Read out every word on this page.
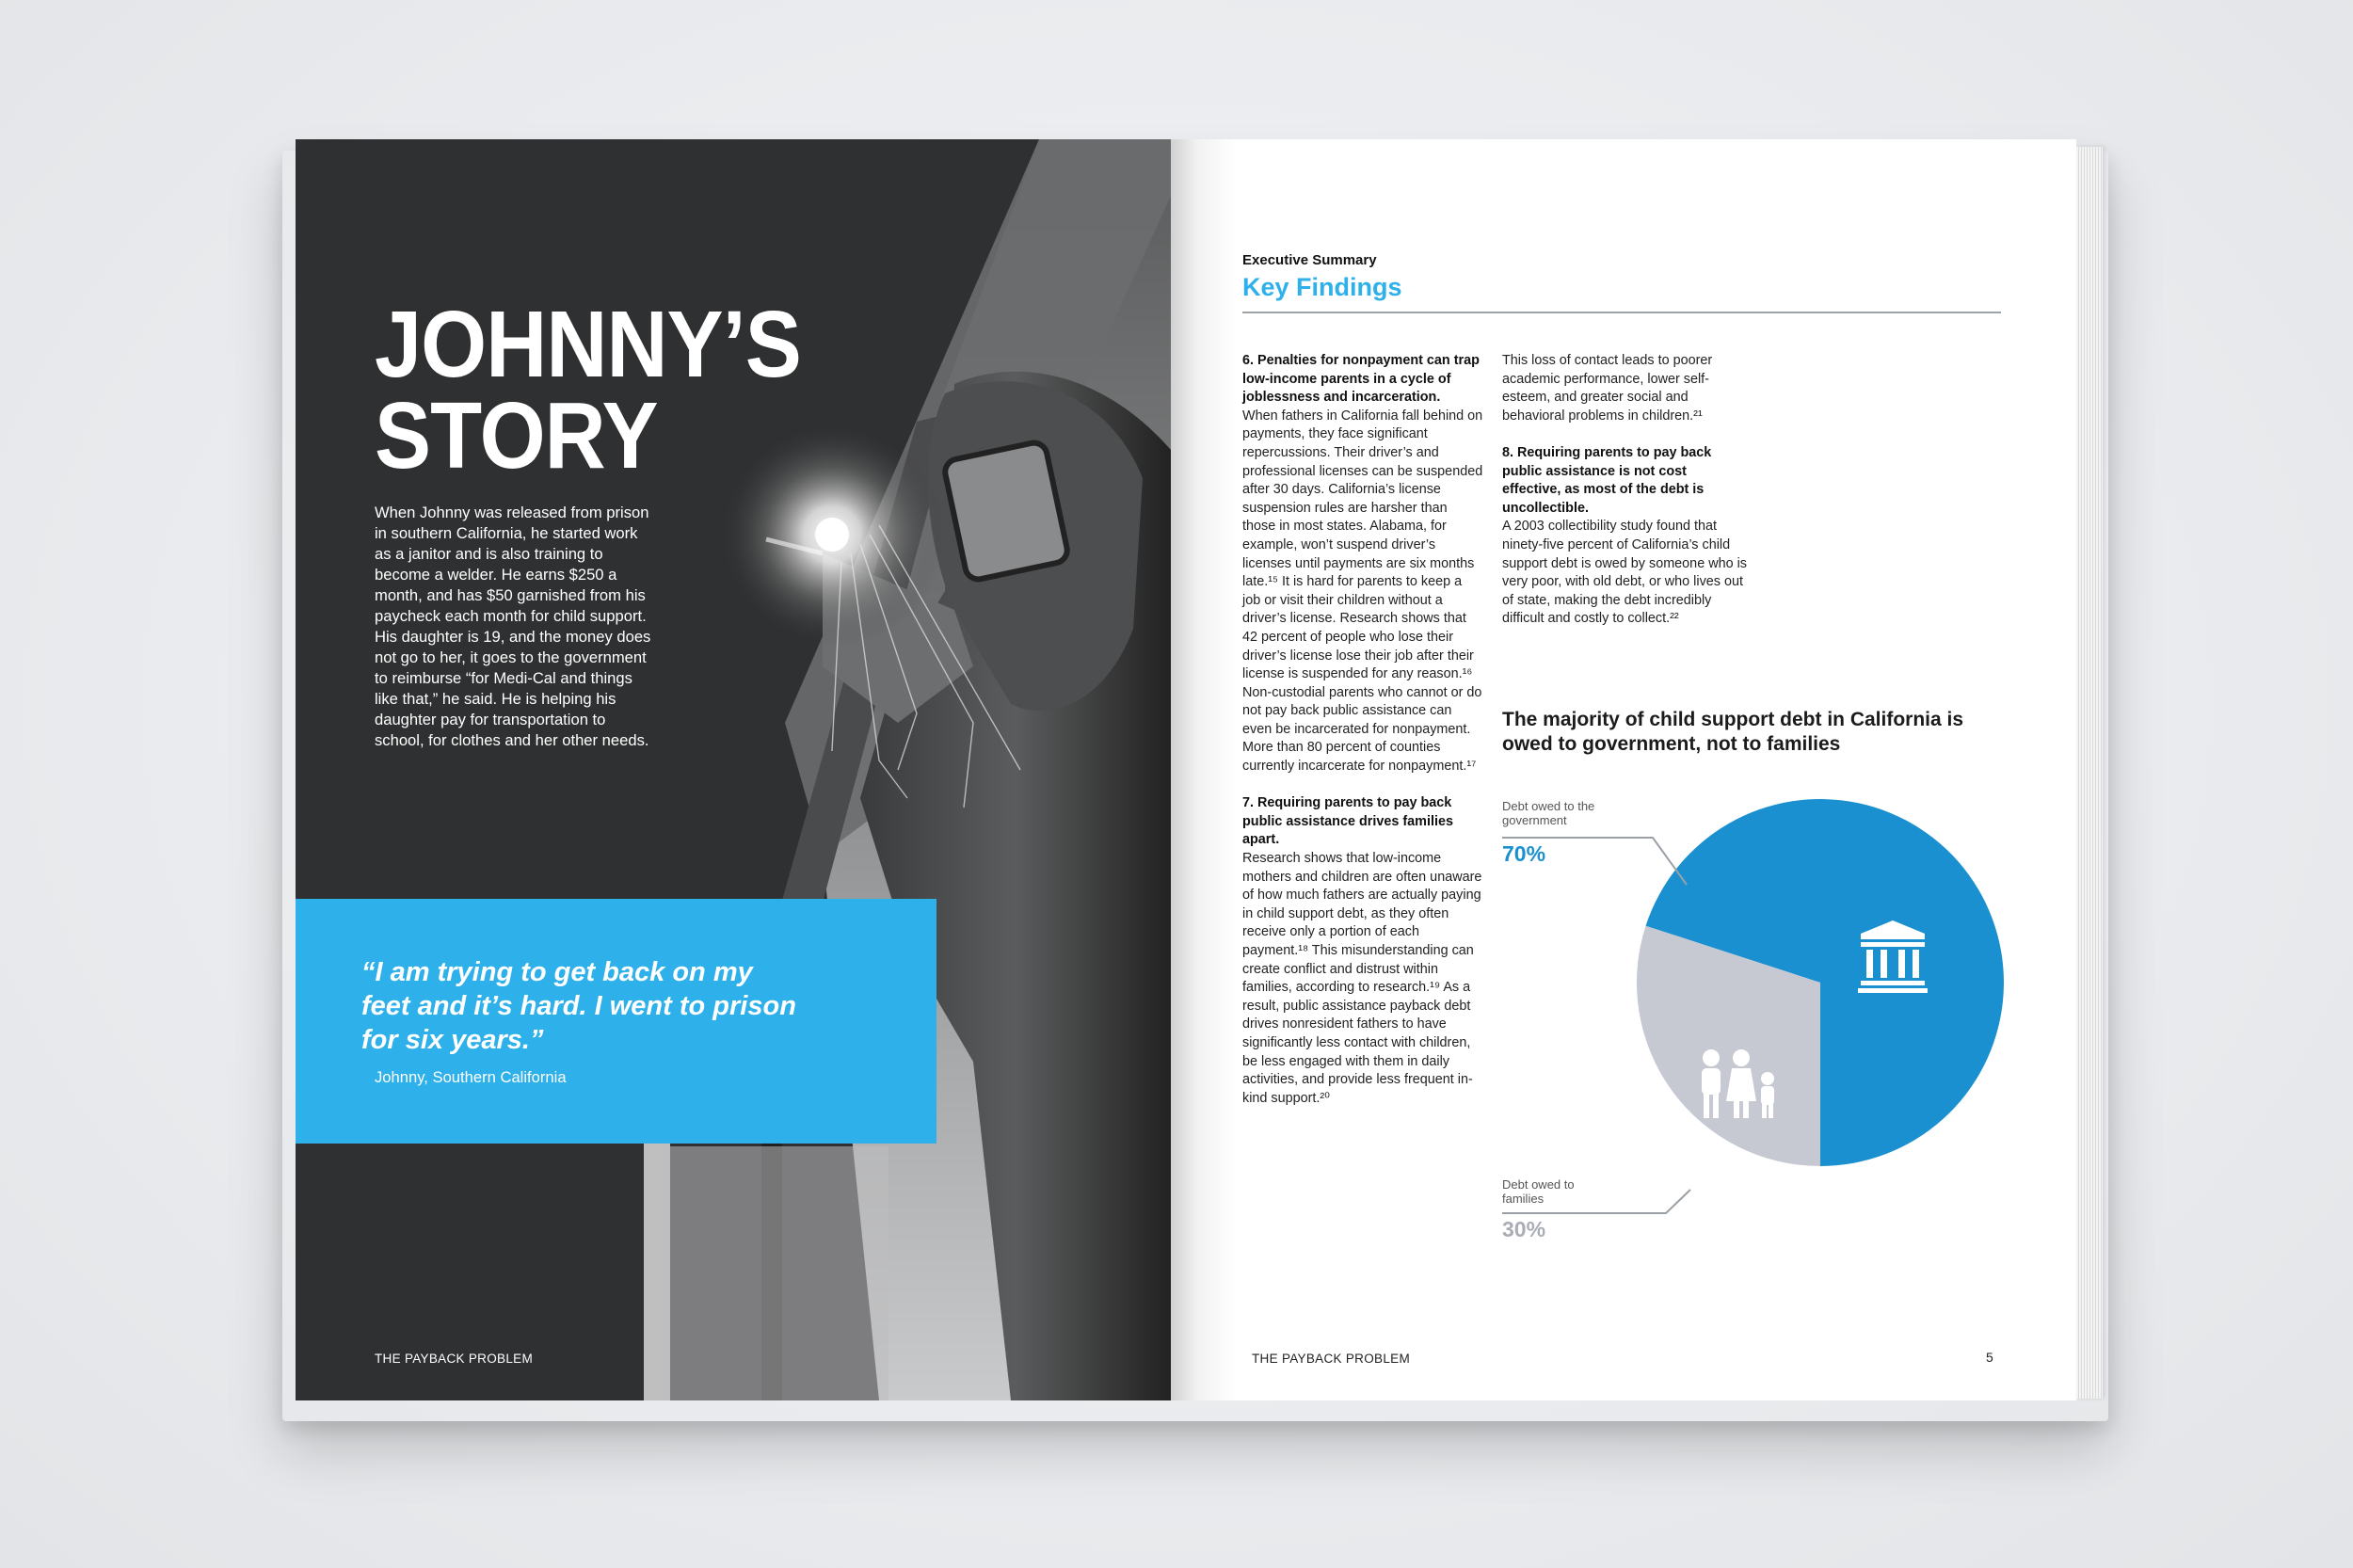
JOHNNY’S
STORY

When Johnny was released from prison in southern California, he started work as a janitor and is also training to become a welder. He earns $250 a month, and has $50 garnished from his paycheck each month for child support. His daughter is 19, and the money does not go to her, it goes to the government to reimburse “for Medi-Cal and things like that,” he said. He is helping his daughter pay for transportation to school, for clothes and her other needs.

“I am trying to get back on my feet and it’s hard. I went to prison for six years.”

Johnny, Southern California

THE PAYBACK PROBLEM

Executive Summary

Key Findings

6. Penalties for nonpayment can trap low-income parents in a cycle of joblessness and incarceration.

When fathers in California fall behind on payments, they face significant repercussions. Their driver’s and professional licenses can be suspended after 30 days. California’s license suspension rules are harsher than those in most states. Alabama, for example, won’t suspend driver’s licenses until payments are six months late.¹⁵ It is hard for parents to keep a job or visit their children without a driver’s license. Research shows that 42 percent of people who lose their driver’s license lose their job after their license is suspended for any reason.¹⁶ Non-custodial parents who cannot or do not pay back public assistance can even be incarcerated for nonpayment. More than 80 percent of counties currently incarcerate for nonpayment.¹⁷

7. Requiring parents to pay back public assistance drives families apart.

Research shows that low-income mothers and children are often unaware of how much fathers are actually paying in child support debt, as they often receive only a portion of each payment.¹⁸ This misunderstanding can create conflict and distrust within families, according to research.¹⁹ As a result, public assistance payback debt drives nonresident fathers to have significantly less contact with children, be less engaged with them in daily activities, and provide less frequent in-kind support.²⁰

This loss of contact leads to poorer academic performance, lower self-esteem, and greater social and behavioral problems in children.²¹

8. Requiring parents to pay back public assistance is not cost effective, as most of the debt is uncollectible.

A 2003 collectibility study found that ninety-five percent of California’s child support debt is owed by someone who is very poor, with old debt, or who lives out of state, making the debt incredibly difficult and costly to collect.²²

The majority of child support debt in California is owed to government, not to families

Debt owed to the government

70%

Debt owed to families

30%

THE PAYBACK PROBLEM	5
